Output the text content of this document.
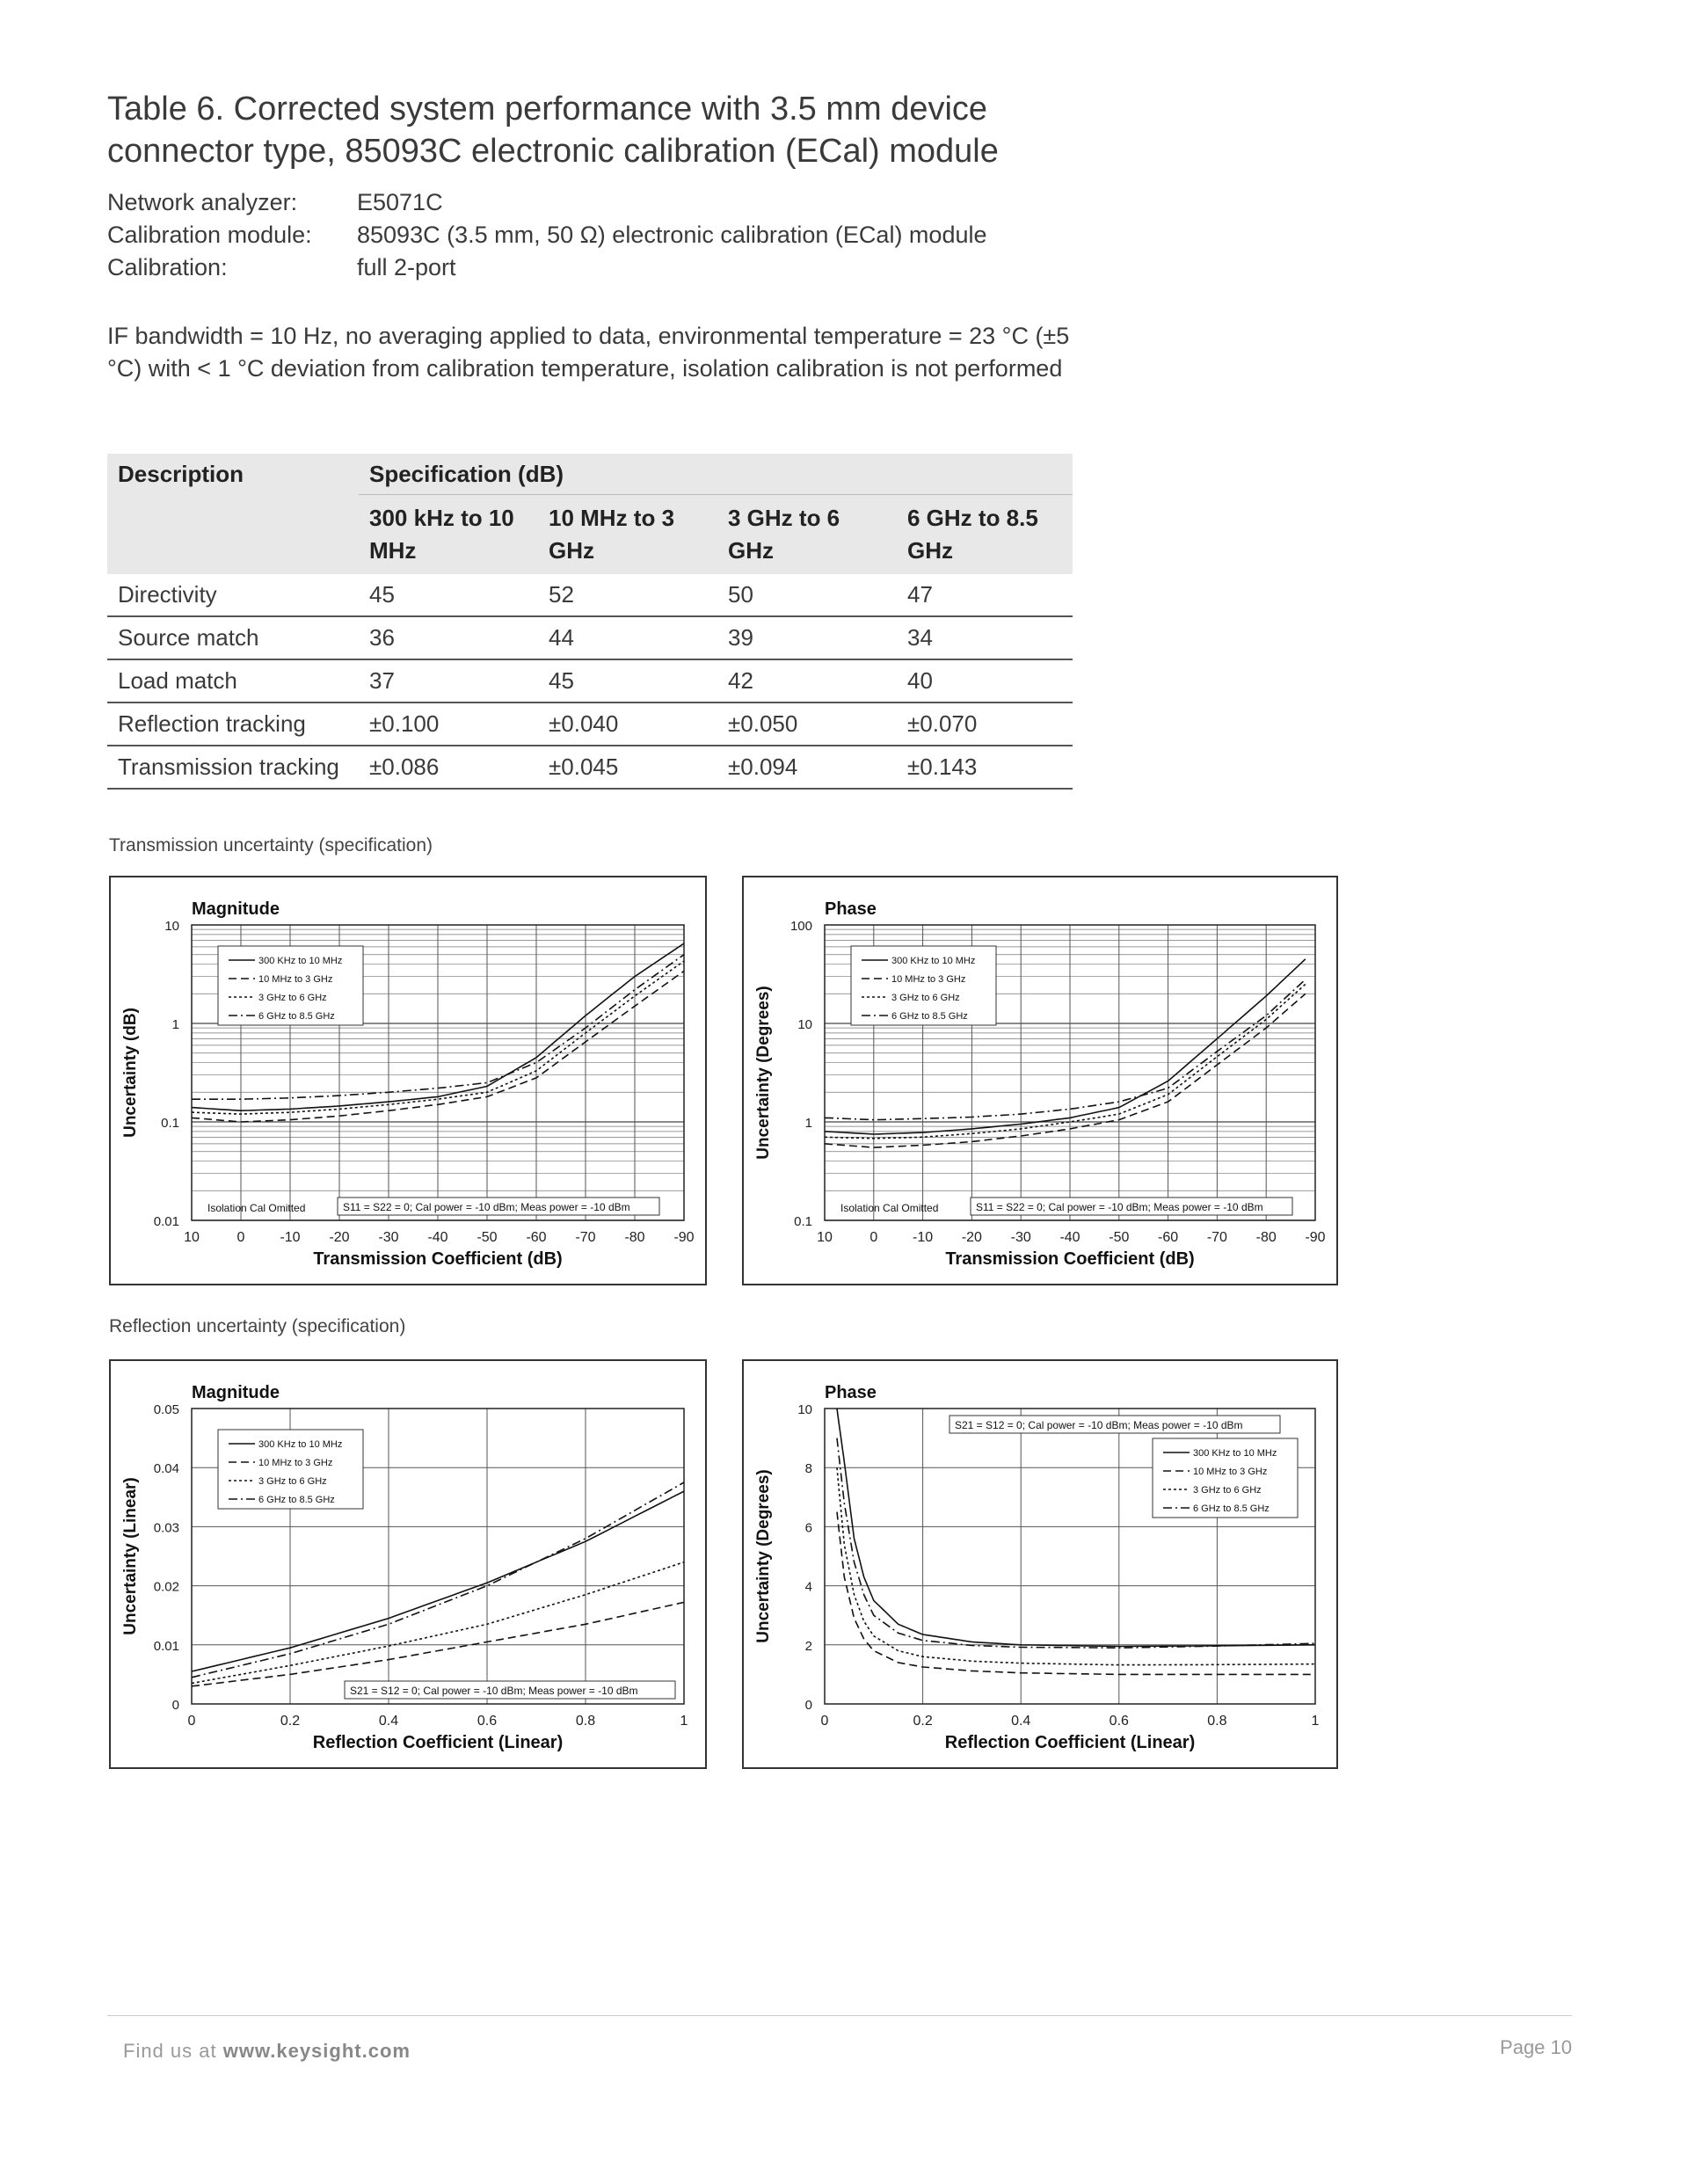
Table 6. Corrected system performance with 3.5 mm device connector type, 85093C electronic calibration (ECal) module
Network analyzer:	E5071C
Calibration module:	85093C (3.5 mm, 50 Ω) electronic calibration (ECal) module
Calibration:	full 2-port
IF bandwidth = 10 Hz, no averaging applied to data, environmental temperature = 23 °C (±5 °C) with < 1 °C deviation from calibration temperature, isolation calibration is not performed
Description	Specification (dB)			
	300 kHz to 10 MHz	10 MHz to 3 GHz	3 GHz to 6 GHz	6 GHz to 8.5 GHz
Directivity	45	52	50	47
Source match	36	44	39	34
Load match	37	45	42	40
Reflection tracking	±0.100	±0.040	±0.050	±0.070
Transmission tracking	±0.086	±0.045	±0.094	±0.143
Transmission uncertainty (specification)
10	0 -10 -20 -30 -40 -50 -60 -70 -80 -90
0.01
0.1
1
10
Magnitude
Transmission Coefficient (dB)
Uncertainty (dB)
300 KHz to 10 MHz
10 MHz to 3 GHz
3 GHz to 6 GHz
6 GHz to 8.5 GHz
Isolation Cal Omitted	S11 = S22 = 0; Cal power = -10 dBm; Meas power = -10 dBm
10	0 -10 -20 -30 -40 -50 -60 -70 -80 -90
0.1
1
10
100
Phase
Transmission Coefficient (dB)
Uncertainty (Degrees)
300 KHz to 10 MHz
10 MHz to 3 GHz
3 GHz to 6 GHz
6 GHz to 8.5 GHz
Isolation Cal Omitted	S11 = S22 = 0; Cal power = -10 dBm; Meas power = -10 dBm
Reflection uncertainty (specification)
0	0.2	0.4	0.6	0.8	1
0
0.01
0.02
0.03
0.04
0.05
Magnitude
Reflection Coefficient (Linear)
Uncertainty (Linear)
300 KHz to 10 MHz
10 MHz to 3 GHz
3 GHz to 6 GHz
6 GHz to 8.5 GHz
S21 = S12 = 0; Cal power = -10 dBm; Meas power = -10 dBm
0	0.2	0.4	0.6	0.8	1
0
2
4
6
8
10
Phase
Reflection Coefficient (Linear)
Uncertainty (Degrees)
300 KHz to 10 MHz
10 MHz to 3 GHz
3 GHz to 6 GHz
6 GHz to 8.5 GHz
S21 = S12 = 0; Cal power = -10 dBm; Meas power = -10 dBm
Find us at www.keysight.com	Page 10
